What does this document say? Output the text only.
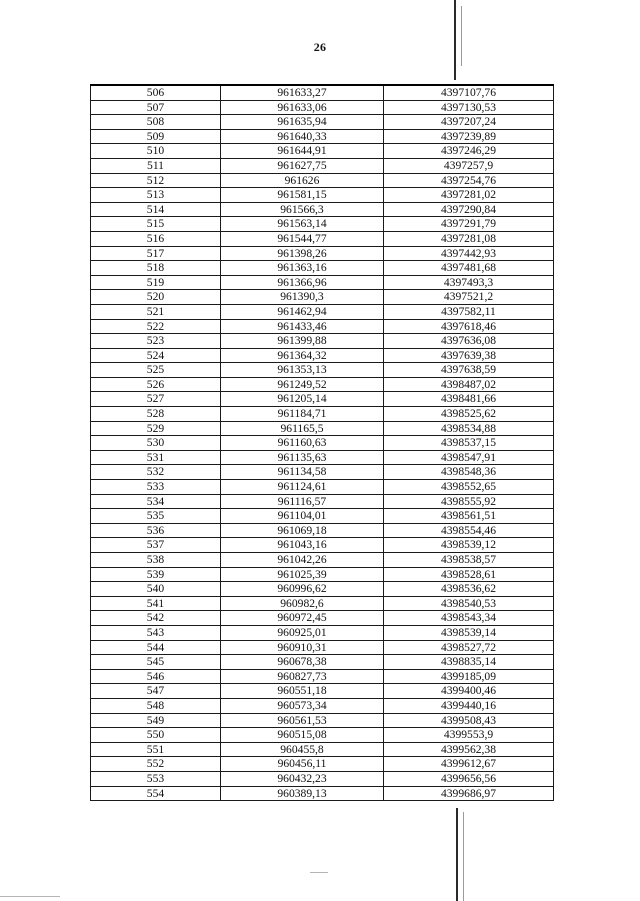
26
506	961633,27	4397107,76
507	961633,06	4397130,53
508	961635,94	4397207,24
509	961640,33	4397239,89
510	961644,91	4397246,29
511	961627,75	4397257,9
512	961626	4397254,76
513	961581,15	4397281,02
514	961566,3	4397290,84
515	961563,14	4397291,79
516	961544,77	4397281,08
517	961398,26	4397442,93
518	961363,16	4397481,68
519	961366,96	4397493,3
520	961390,3	4397521,2
521	961462,94	4397582,11
522	961433,46	4397618,46
523	961399,88	4397636,08
524	961364,32	4397639,38
525	961353,13	4397638,59
526	961249,52	4398487,02
527	961205,14	4398481,66
528	961184,71	4398525,62
529	961165,5	4398534,88
530	961160,63	4398537,15
531	961135,63	4398547,91
532	961134,58	4398548,36
533	961124,61	4398552,65
534	961116,57	4398555,92
535	961104,01	4398561,51
536	961069,18	4398554,46
537	961043,16	4398539,12
538	961042,26	4398538,57
539	961025,39	4398528,61
540	960996,62	4398536,62
541	960982,6	4398540,53
542	960972,45	4398543,34
543	960925,01	4398539,14
544	960910,31	4398527,72
545	960678,38	4398835,14
546	960827,73	4399185,09
547	960551,18	4399400,46
548	960573,34	4399440,16
549	960561,53	4399508,43
550	960515,08	4399553,9
551	960455,8	4399562,38
552	960456,11	4399612,67
553	960432,23	4399656,56
554	960389,13	4399686,97
